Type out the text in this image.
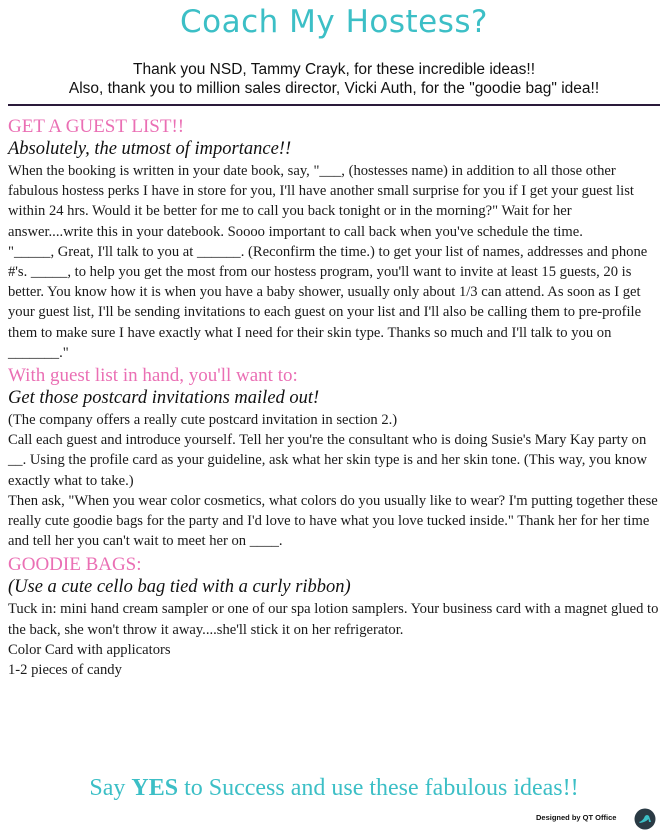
Coach My Hostess?
Thank you NSD, Tammy Crayk, for these incredible ideas!!
Also, thank you to million sales director, Vicki Auth, for the "goodie bag" idea!!
GET A GUEST LIST!!
Absolutely, the utmost of importance!!

When the booking is written in your date book, say, "___, (hostesses name) in addition to all those other fabulous hostess perks I have in store for you, I'll have another small surprise for you if I get your guest list within 24 hrs. Would it be better for me to call you back tonight or in the morning?" Wait for her answer....write this in your datebook. Soooo important to call back when you've schedule the time.

"_____, Great, I'll talk to you at ______. (Reconfirm the time.) to get your list of names, addresses and phone #'s. _____, to help you get the most from our hostess program, you'll want to invite at least 15 guests, 20 is better. You know how it is when you have a baby shower, usually only about 1/3 can attend. As soon as I get your guest list, I'll be sending invitations to each guest on your list and I'll also be calling them to pre-profile them to make sure I have exactly what I need for their skin type. Thanks so much and I'll talk to you on _______."

With guest list in hand, you'll want to:
Get those postcard invitations mailed out!

(The company offers a really cute postcard invitation in section 2.)

Call each guest and introduce yourself. Tell her you're the consultant who is doing Susie's Mary Kay party on __. Using the profile card as your guideline, ask what her skin type is and her skin tone. (This way, you know exactly what to take.)

Then ask, "When you wear color cosmetics, what colors do you usually like to wear? I'm putting together these really cute goodie bags for the party and I'd love to have what you love tucked inside." Thank her for her time and tell her you can't wait to meet her on ____.

GOODIE BAGS:
(Use a cute cello bag tied with a curly ribbon)

Tuck in: mini hand cream sampler or one of our spa lotion samplers. Your business card with a magnet glued to the back, she won't throw it away....she'll stick it on her refrigerator.

Color Card with applicators

1-2 pieces of candy

Say YES to Success and use these fabulous ideas!!
Designed by QT Office
